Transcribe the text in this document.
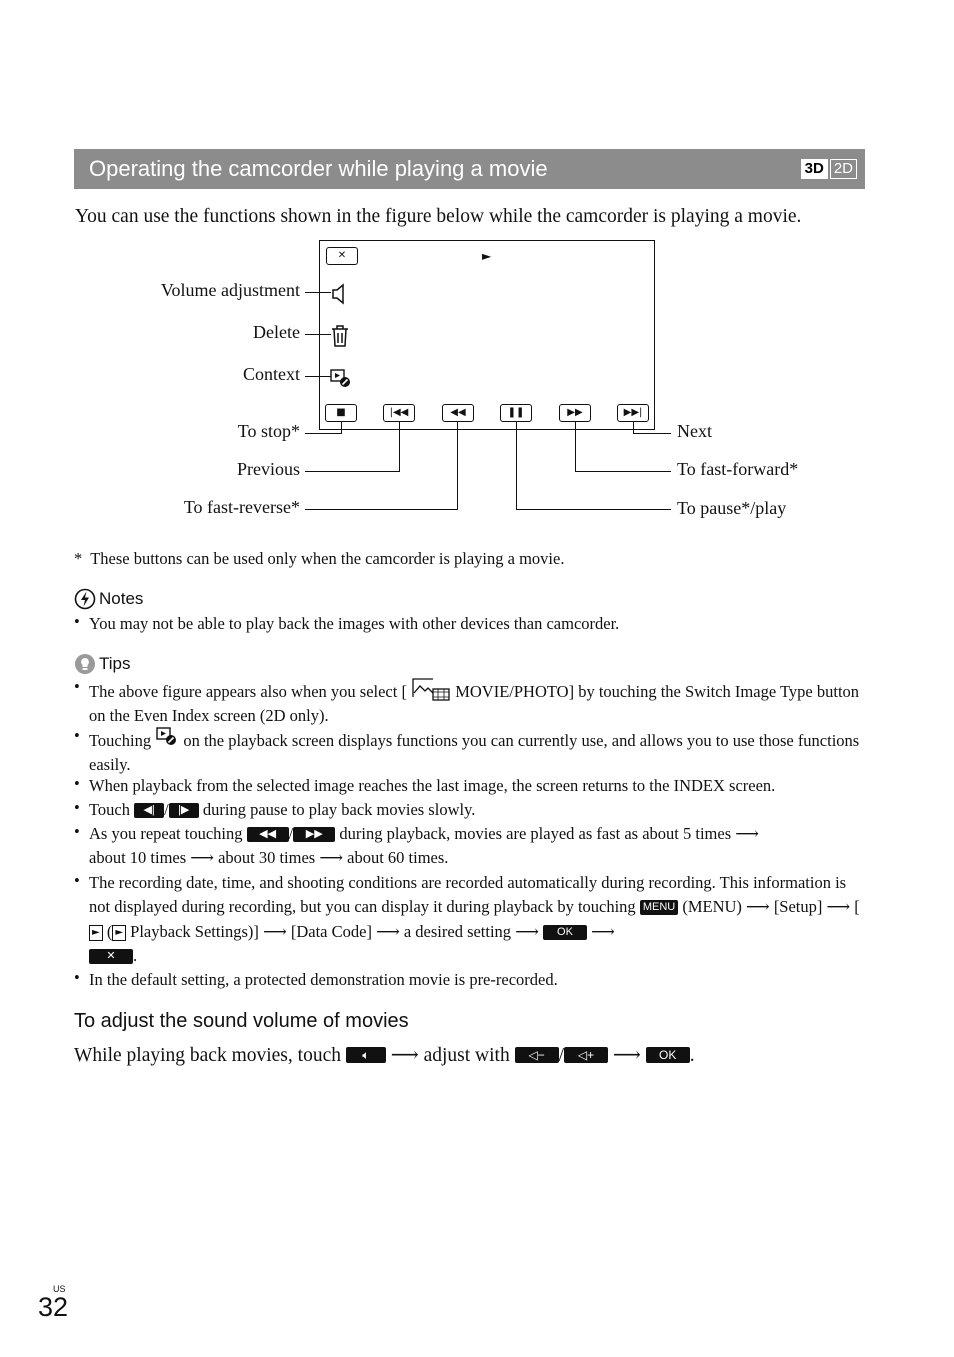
Operating the camcorder while playing a movie	3D 2D
You can use the functions shown in the figure below while the camcorder is playing a movie.
✕	►
■	|◀◀	◀◀	❚❚	▶▶	▶▶|
Volume adjustment
Delete
Context
To stop*
Previous
To fast-reverse*
Next
To fast-forward*
To pause*/play
* These buttons can be used only when the camcorder is playing a movie.
Notes
• You may not be able to play back the images with other devices than camcorder.
Tips
• The above figure appears also when you select [	MOVIE/PHOTO] by touching the Switch Image Type button on the Even Index screen (2D only).
• Touching on the playback screen displays functions you can currently use, and allows you to use those functions easily.
• When playback from the selected image reaches the last image, the screen returns to the INDEX screen.
• Touch ◀| / |▶ during pause to play back movies slowly.
• As you repeat touching ◀◀ / ▶▶ during playback, movies are played as fast as about 5 times ⟶
about 10 times ⟶ about 30 times ⟶ about 60 times.
• The recording date, time, and shooting conditions are recorded automatically during recording. This information is not displayed during recording, but you can display it during playback by touching MENU (MENU) ⟶ [Setup] ⟶ [► ( ► Playback Settings)] ⟶ [Data Code] ⟶ a desired setting ⟶ OK ⟶
✕ .
• In the default setting, a protected demonstration movie is pre-recorded.
To adjust the sound volume of movies
While playing back movies, touch 🔈︎ ⟶ adjust with ◁− / ◁+ ⟶ OK .
US
32
